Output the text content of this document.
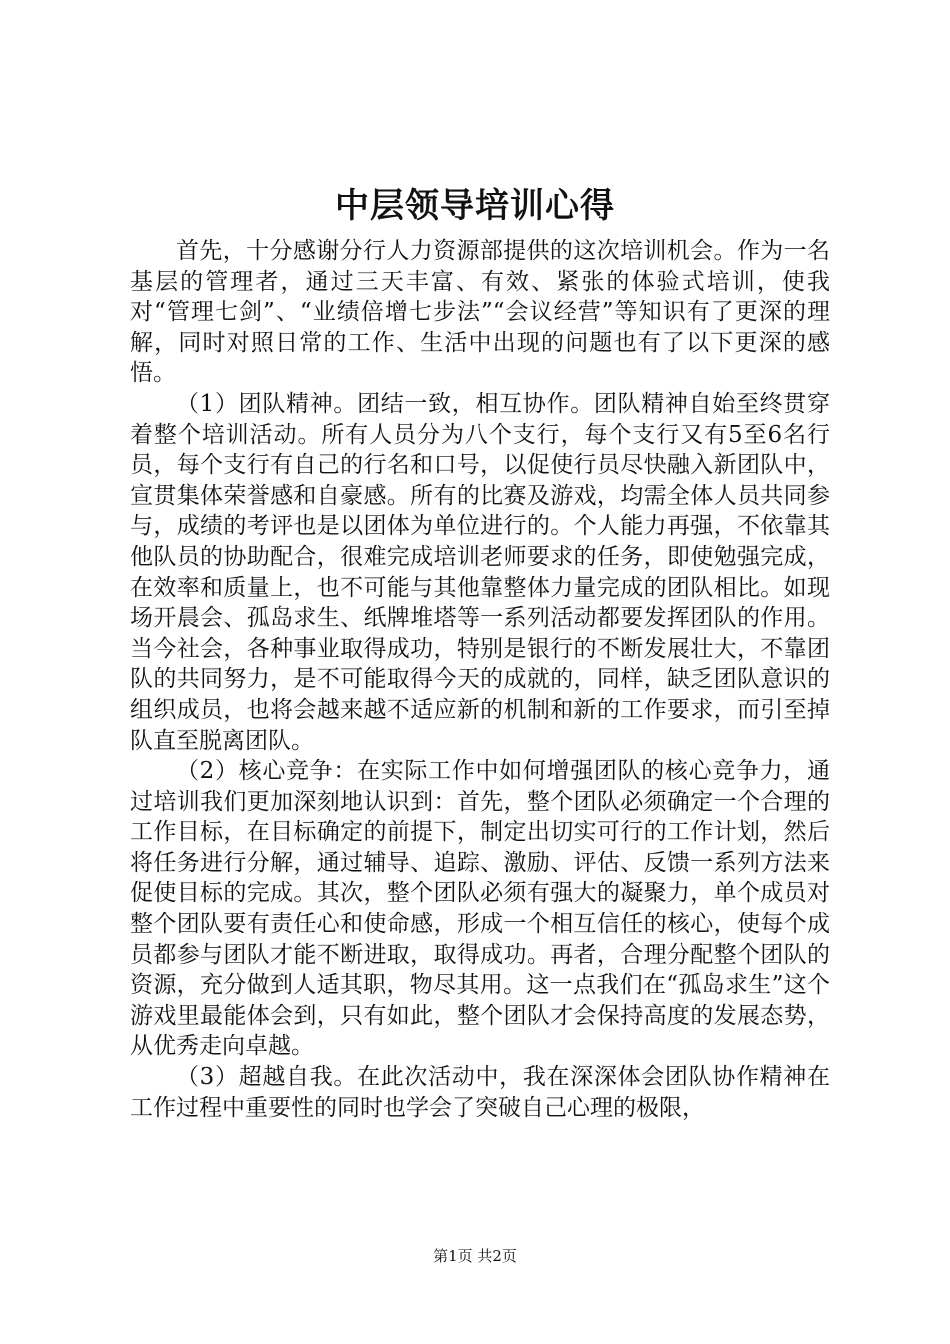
中层领导培训心得

首先，十分感谢分行人力资源部提供的这次培训机会。作为一名基层的管理者，通过三天丰富、有效、紧张的体验式培训，使我对“管理七剑”、“业绩倍增七步法”“会议经营”等知识有了更深的理解，同时对照日常的工作、生活中出现的问题也有了以下更深的感悟。

（1）团队精神。团结一致，相互协作。团队精神自始至终贯穿着整个培训活动。所有人员分为八个支行，每个支行又有5至6名行员，每个支行有自己的行名和口号，以促使行员尽快融入新团队中，宣贯集体荣誉感和自豪感。所有的比赛及游戏，均需全体人员共同参与，成绩的考评也是以团体为单位进行的。个人能力再强，不依靠其他队员的协助配合，很难完成培训老师要求的任务，即使勉强完成，在效率和质量上，也不可能与其他靠整体力量完成的团队相比。如现场开晨会、孤岛求生、纸牌堆塔等一系列活动都要发挥团队的作用。当今社会，各种事业取得成功，特别是银行的不断发展壮大，不靠团队的共同努力，是不可能取得今天的成就的，同样，缺乏团队意识的组织成员，也将会越来越不适应新的机制和新的工作要求，而引至掉队直至脱离团队。

（2）核心竞争：在实际工作中如何增强团队的核心竞争力，通过培训我们更加深刻地认识到：首先，整个团队必须确定一个合理的工作目标，在目标确定的前提下，制定出切实可行的工作计划，然后将任务进行分解，通过辅导、追踪、激励、评估、反馈一系列方法来促使目标的完成。其次，整个团队必须有强大的凝聚力，单个成员对整个团队要有责任心和使命感，形成一个相互信任的核心，使每个成员都参与团队才能不断进取，取得成功。再者，合理分配整个团队的资源，充分做到人适其职，物尽其用。这一点我们在“孤岛求生”这个游戏里最能体会到，只有如此，整个团队才会保持高度的发展态势，从优秀走向卓越。

（3）超越自我。在此次活动中，我在深深体会团队协作精神在工作过程中重要性的同时也学会了突破自己心理的极限，

第1页 共2页
